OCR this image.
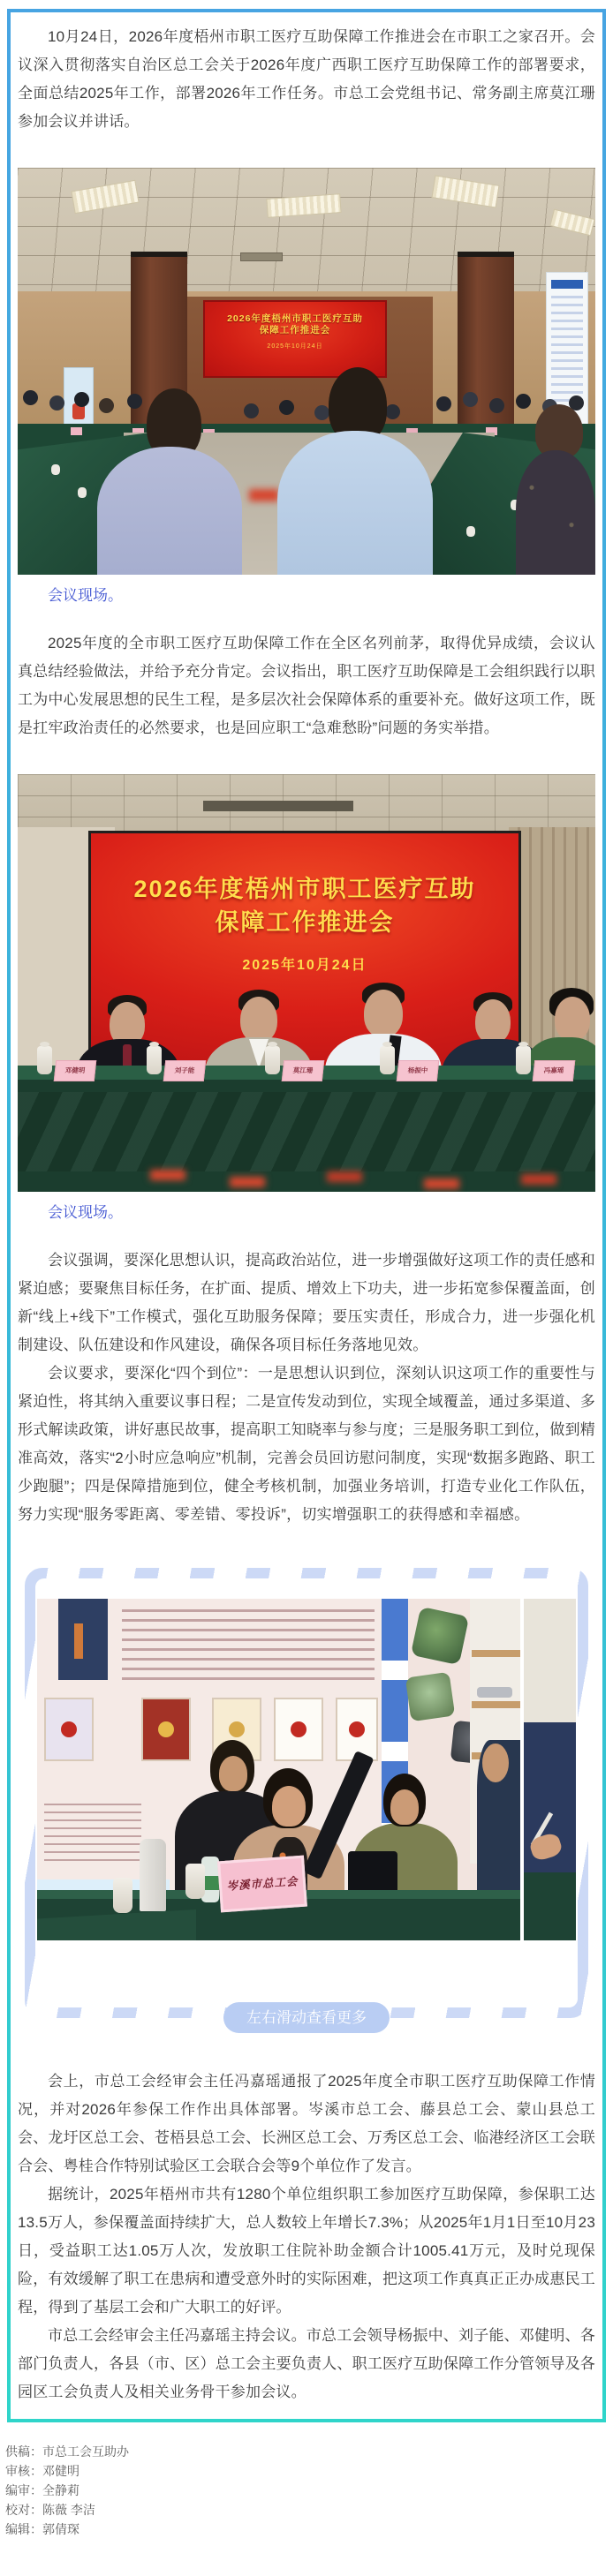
10月24日，2026年度梧州市职工医疗互助保障工作推进会在市职工之家召开。会议深入贯彻落实自治区总工会关于2026年度广西职工医疗互助保障工作的部署要求，全面总结2025年工作，部署2026年工作任务。市总工会党组书记、常务副主席莫江珊参加会议并讲话。

2026年度梧州市职工医疗互助
保障工作推进会
2025年10月24日

会议现场。

2025年度的全市职工医疗互助保障工作在全区名列前茅，取得优异成绩，会议认真总结经验做法，并给予充分肯定。会议指出，职工医疗互助保障是工会组织践行以职工为中心发展思想的民生工程，是多层次社会保障体系的重要补充。做好这项工作，既是扛牢政治责任的必然要求，也是回应职工“急难愁盼”问题的务实举措。

2026年度梧州市职工医疗互助
保障工作推进会
2025年10月24日
邓健明	刘子能	莫江珊	杨振中	冯嘉瑶

会议现场。

会议强调，要深化思想认识，提高政治站位，进一步增强做好这项工作的责任感和紧迫感；要聚焦目标任务，在扩面、提质、增效上下功夫，进一步拓宽参保覆盖面，创新“线上+线下”工作模式，强化互助服务保障；要压实责任，形成合力，进一步强化机制建设、队伍建设和作风建设，确保各项目标任务落地见效。

会议要求，要深化“四个到位”：一是思想认识到位，深刻认识这项工作的重要性与紧迫性，将其纳入重要议事日程；二是宣传发动到位，实现全域覆盖，通过多渠道、多形式解读政策，讲好惠民故事，提高职工知晓率与参与度；三是服务职工到位，做到精准高效，落实“2小时应急响应”机制，完善会员回访慰问制度，实现“数据多跑路、职工少跑腿”；四是保障措施到位，健全考核机制，加强业务培训，打造专业化工作队伍，努力实现“服务零距离、零差错、零投诉”，切实增强职工的获得感和幸福感。

岑溪市总工会
左右滑动查看更多

会上，市总工会经审会主任冯嘉瑶通报了2025年度全市职工医疗互助保障工作情况，并对2026年参保工作作出具体部署。岑溪市总工会、藤县总工会、蒙山县总工会、龙圩区总工会、苍梧县总工会、长洲区总工会、万秀区总工会、临港经济区工会联合会、粤桂合作特别试验区工会联合会等9个单位作了发言。

据统计，2025年梧州市共有1280个单位组织职工参加医疗互助保障，参保职工达13.5万人，参保覆盖面持续扩大，总人数较上年增长7.3%；从2025年1月1日至10月23日，受益职工达1.05万人次，发放职工住院补助金额合计1005.41万元，及时兑现保险，有效缓解了职工在患病和遭受意外时的实际困难，把这项工作真真正正办成惠民工程，得到了基层工会和广大职工的好评。

市总工会经审会主任冯嘉瑶主持会议。市总工会领导杨振中、刘子能、邓健明、各部门负责人，各县（市、区）总工会主要负责人、职工医疗互助保障工作分管领导及各园区工会负责人及相关业务骨干参加会议。

供稿：市总工会互助办
审核：邓健明
编审：全静莉
校对：陈薇 李洁
编辑：郭倩琛
